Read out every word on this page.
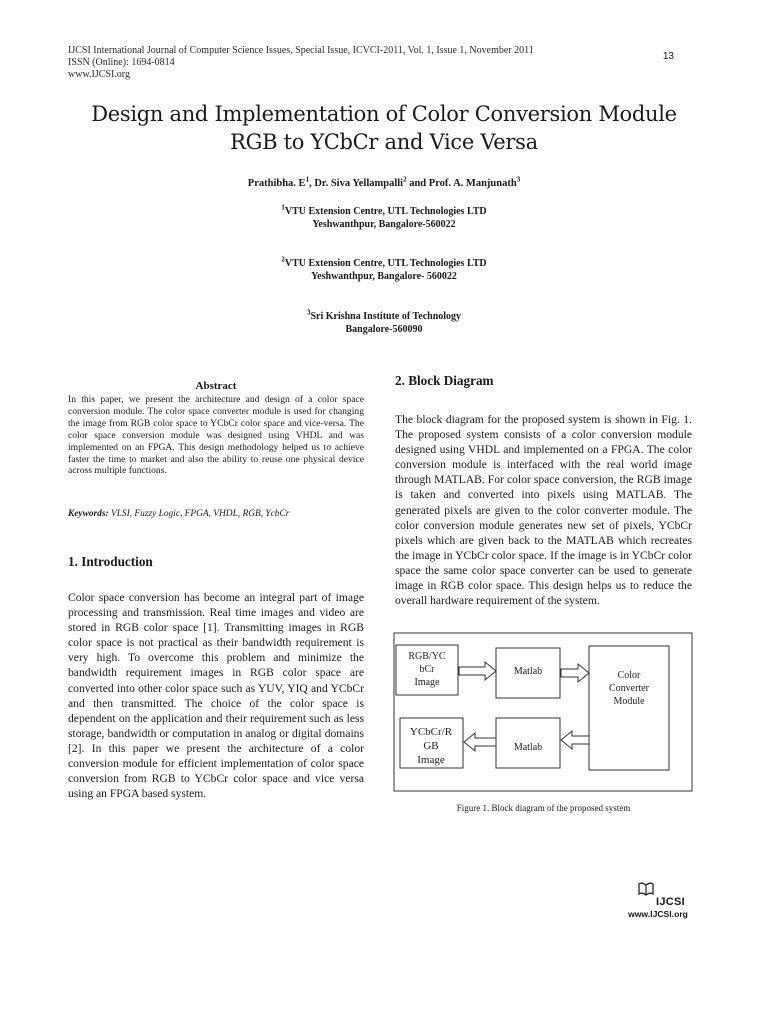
IJCSI International Journal of Computer Science Issues, Special Issue, ICVCI-2011, Vol. 1, Issue 1, November 2011
ISSN (Online): 1694-0814
www.IJCSI.org
13
Design and Implementation of Color Conversion Module
RGB to YCbCr and Vice Versa
Prathibha. $E^1$, Dr. Siva Yellampalli$^2$ and Prof. A. Manjunath$^3$
$^1$VTU Extension Centre, UTL Technologies LTD
Yeshwanthpur, Bangalore-560022
$^2$VTU Extension Centre, UTL Technologies LTD
Yeshwanthpur, Bangalore- 560022
$^3$Sri Krishna Institute of Technology
Bangalore-560090
Abstract

In this paper, we present the architecture and design of a color space conversion module. The color space converter module is used for changing the image from RGB color space to YCbCr color space and vice-versa. The color space conversion module was designed using VHDL and was implemented on an FPGA. This design methodology helped us to achieve faster the time to market and also the ability to reuse one physical device across multiple functions.

Keywords: VLSI, Fuzzy Logic, FPGA, VHDL, RGB, YcbCr
1. Introduction

Color space conversion has become an integral part of image processing and transmission. Real time images and video are stored in RGB color space [1]. Transmitting images in RGB color space is not practical as their bandwidth requirement is very high. To overcome this problem and minimize the bandwidth requirement images in RGB color space are converted into other color space such as YUV, YIQ and YCbCr and then transmitted. The choice of the color space is dependent on the application and their requirement such as less storage, bandwidth or computation in analog or digital domains [2]. In this paper we present the architecture of a color conversion module for efficient implementation of color space conversion from RGB to YCbCr color space and vice versa using an FPGA based system.

2. Block Diagram

The block diagram for the proposed system is shown in Fig. 1. The proposed system consists of a color conversion module designed using VHDL and implemented on a FPGA. The color conversion module is interfaced with the real world image through MATLAB. For color space conversion, the RGB image is taken and converted into pixels using MATLAB. The generated pixels are given to the color converter module. The color conversion module generates new set of pixels, YCbCr pixels which are given back to the MATLAB which recreates the image in YCbCr color space. If the image is in YCbCr color space the same color space converter can be used to generate image in RGB color space. This design helps us to reduce the overall hardware requirement of the system.

RGB/YC
bCr
Image
Matlab	Color
Converter
Module
YCbCr/R
GB
Image
Matlab
Figure 1. Block diagram of the proposed system
IJCSI
www.IJCSI.org
